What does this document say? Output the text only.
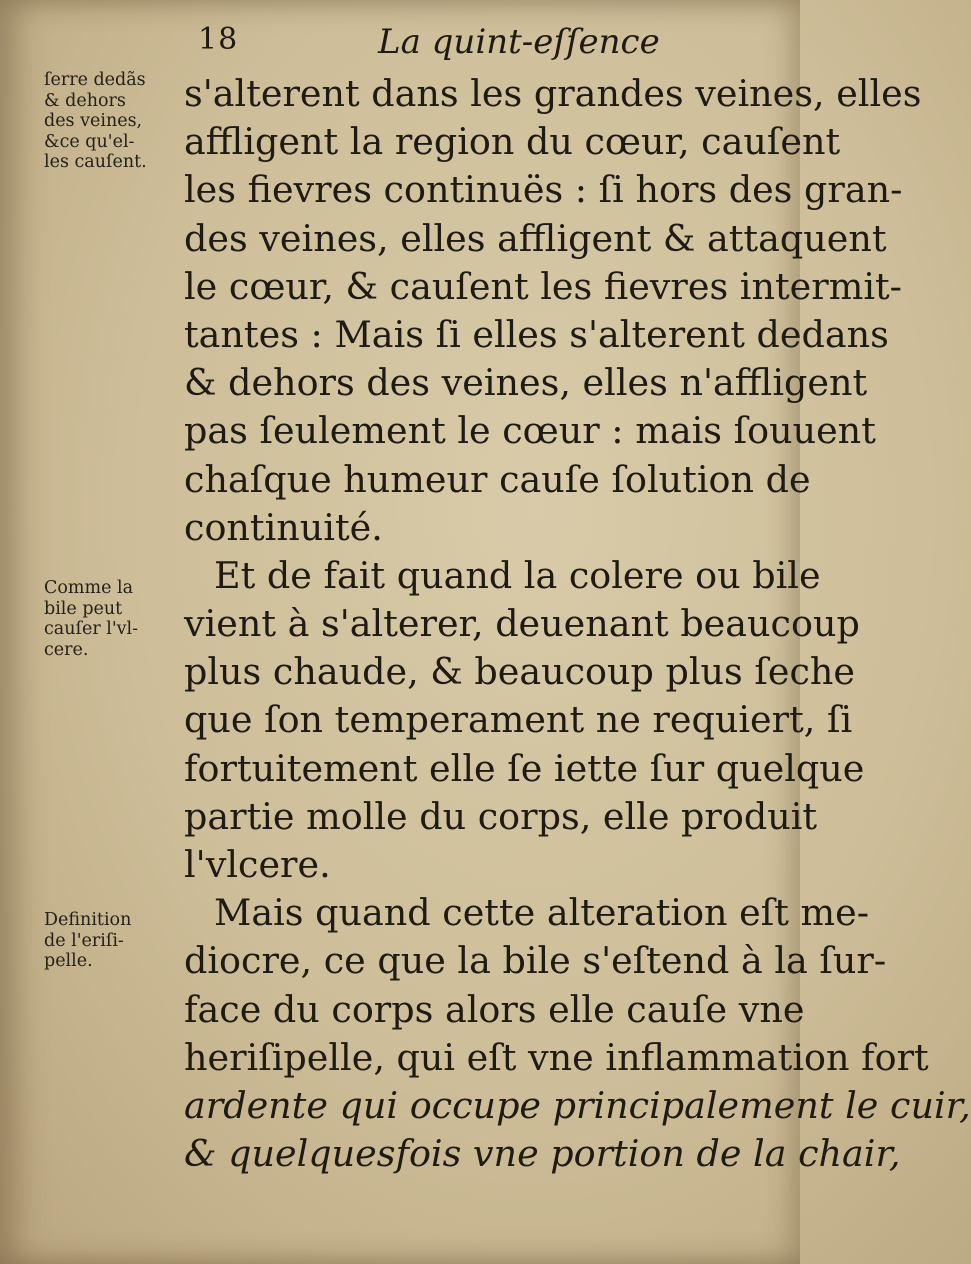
18	La quint-eſſence
ſerre dedãs
& dehors
des veines,
&ce qu'el-
les cauſent.
Comme la
bile peut
cauſer l'vl-
cere.
Definition
de l'eriſi-
pelle.
s'alterent dans les grandes veines, elles
affligent la region du cœur, cauſent
les fievres continuës : ſi hors des gran-
des veines, elles affligent & attaquent
le cœur, & cauſent les fievres intermit-
tantes : Mais ſi elles s'alterent dedans
& dehors des veines, elles n'affligent
pas ſeulement le cœur : mais ſouuent
chaſque humeur cauſe ſolution de
continuité.
Et de fait quand la colere ou bile
vient à s'alterer, deuenant beaucoup
plus chaude, & beaucoup plus ſeche
que ſon temperament ne requiert, ſi
fortuitement elle ſe iette ſur quelque
partie molle du corps, elle produit
l'vlcere.
Mais quand cette alteration eſt me-
diocre, ce que la bile s'eſtend à la ſur-
face du corps alors elle cauſe vne
heriſipelle, qui eſt vne inflammation fort
ardente qui occupe principalement le cuir,
& quelquesfois vne portion de la chair,
